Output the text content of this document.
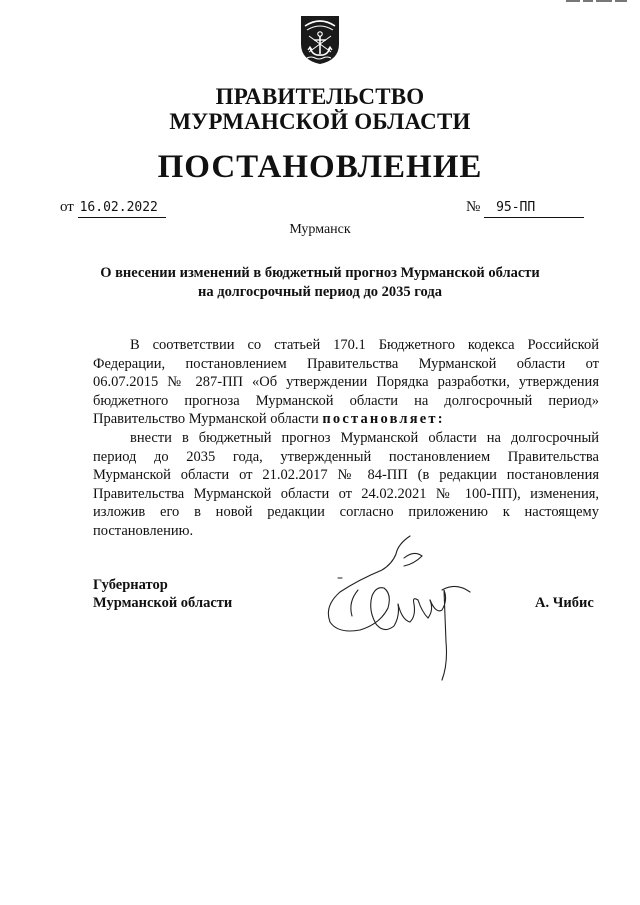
ПРАВИТЕЛЬСТВО
МУРМАНСКОЙ ОБЛАСТИ
ПОСТАНОВЛЕНИЕ
от 16.02.2022	№ 95-ПП
Мурманск
О внесении изменений в бюджетный прогноз Мурманской области
на долгосрочный период до 2035 года
В соответствии со статьей 170.1 Бюджетного кодекса Российской
Федерации, постановлением Правительства Мурманской области от
06.07.2015 № 287-ПП «Об утверждении Порядка разработки, утверждения
бюджетного прогноза Мурманской области на долгосрочный период»
Правительство Мурманской области постановляет:
внести в бюджетный прогноз Мурманской области на долгосрочный
период до 2035 года, утвержденный постановлением Правительства
Мурманской области от 21.02.2017 № 84-ПП (в редакции постановления
Правительства Мурманской области от 24.02.2021 № 100-ПП), изменения,
изложив его в новой редакции согласно приложению к настоящему
постановлению.
Губернатор
Мурманской области	А. Чибис
